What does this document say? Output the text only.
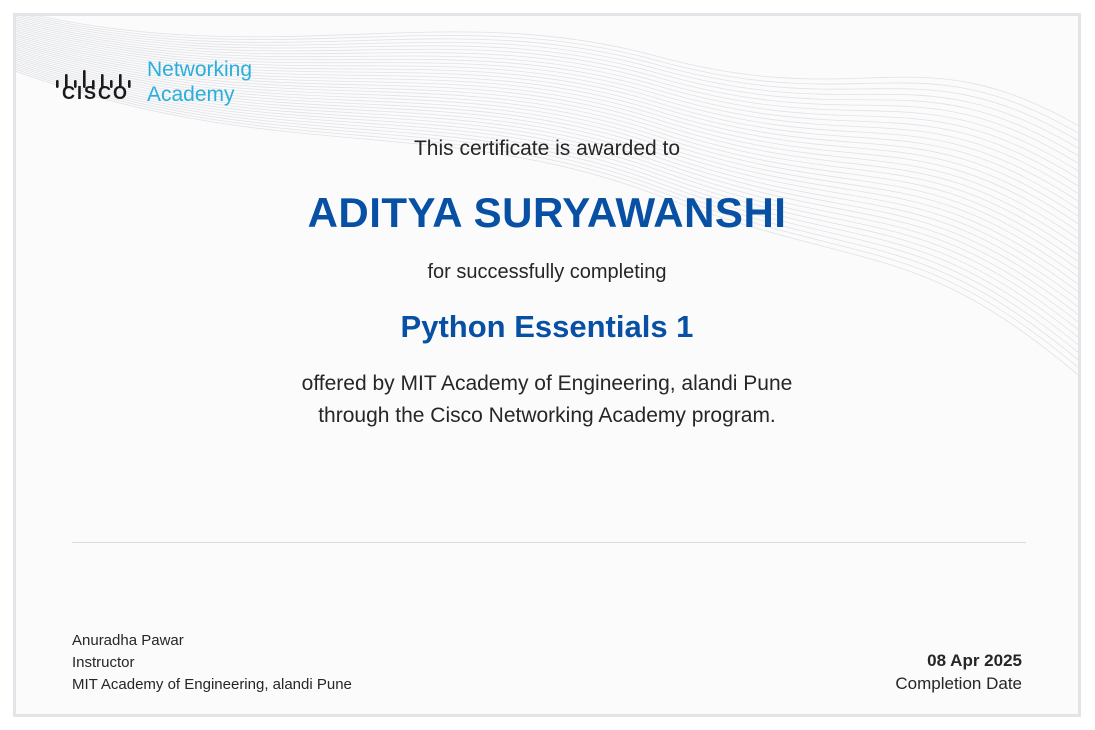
CISCO
Networking
Academy
This certificate is awarded to
ADITYA SURYAWANSHI
for successfully completing
Python Essentials 1
offered by MIT Academy of Engineering, alandi Pune
through the Cisco Networking Academy program.
Anuradha Pawar
Instructor
MIT Academy of Engineering, alandi Pune
08 Apr 2025
Completion Date
